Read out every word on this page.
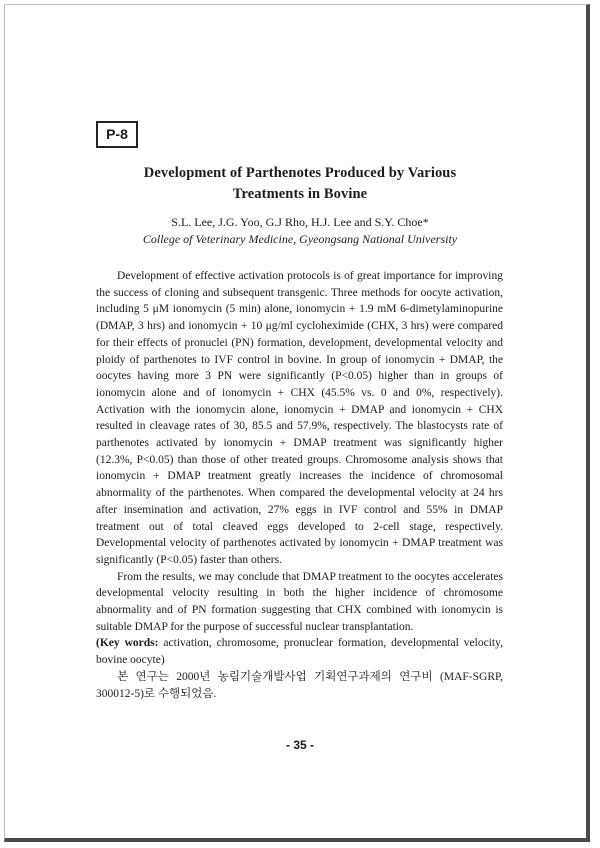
P-8
Development of Parthenotes Produced by Various
Treatments in Bovine
S.L. Lee, J.G. Yoo, G.J Rho, H.J. Lee and S.Y. Choe*
College of Veterinary Medicine, Gyeongsang National University

Development of effective activation protocols is of great importance for improving the success of cloning and subsequent transgenic. Three methods for oocyte activation, including 5 μM ionomycin (5 min) alone, ionomycin + 1.9 mM 6-dimetylaminopurine (DMAP, 3 hrs) and ionomycin + 10 μg/ml cycloheximide (CHX, 3 hrs) were compared for their effects of pronuclei (PN) formation, development, developmental velocity and ploidy of parthenotes to IVF control in bovine. In group of ionomycin + DMAP, the oocytes having more 3 PN were significantly (P<0.05) higher than in groups of ionomycin alone and of ionomycin + CHX (45.5% vs. 0 and 0%, respectively). Activation with the ionomycin alone, ionomycin + DMAP and ionomycin + CHX resulted in cleavage rates of 30, 85.5 and 57.9%, respectively. The blastocysts rate of parthenotes activated by ionomycin + DMAP treatment was significantly higher (12.3%, P<0.05) than those of other treated groups. Chromosome analysis shows that ionomycin + DMAP treatment greatly increases the incidence of chromosomal abnormality of the parthenotes. When compared the developmental velocity at 24 hrs after insemination and activation, 27% eggs in IVF control and 55% in DMAP treatment out of total cleaved eggs developed to 2-cell stage, respectively. Developmental velocity of parthenotes activated by ionomycin + DMAP treatment was significantly (P<0.05) faster than others.

From the results, we may conclude that DMAP treatment to the oocytes accelerates developmental velocity resulting in both the higher incidence of chromosome abnormality and of PN formation suggesting that CHX combined with ionomycin is suitable DMAP for the purpose of successful nuclear transplantation.

(Key words: activation, chromosome, pronuclear formation, developmental velocity, bovine oocyte)

본 연구는 2000년 농림기술개발사업 기획연구과제의 연구비 (MAF-SGRP, 300012-5)로 수행되었음.

- 35 -
